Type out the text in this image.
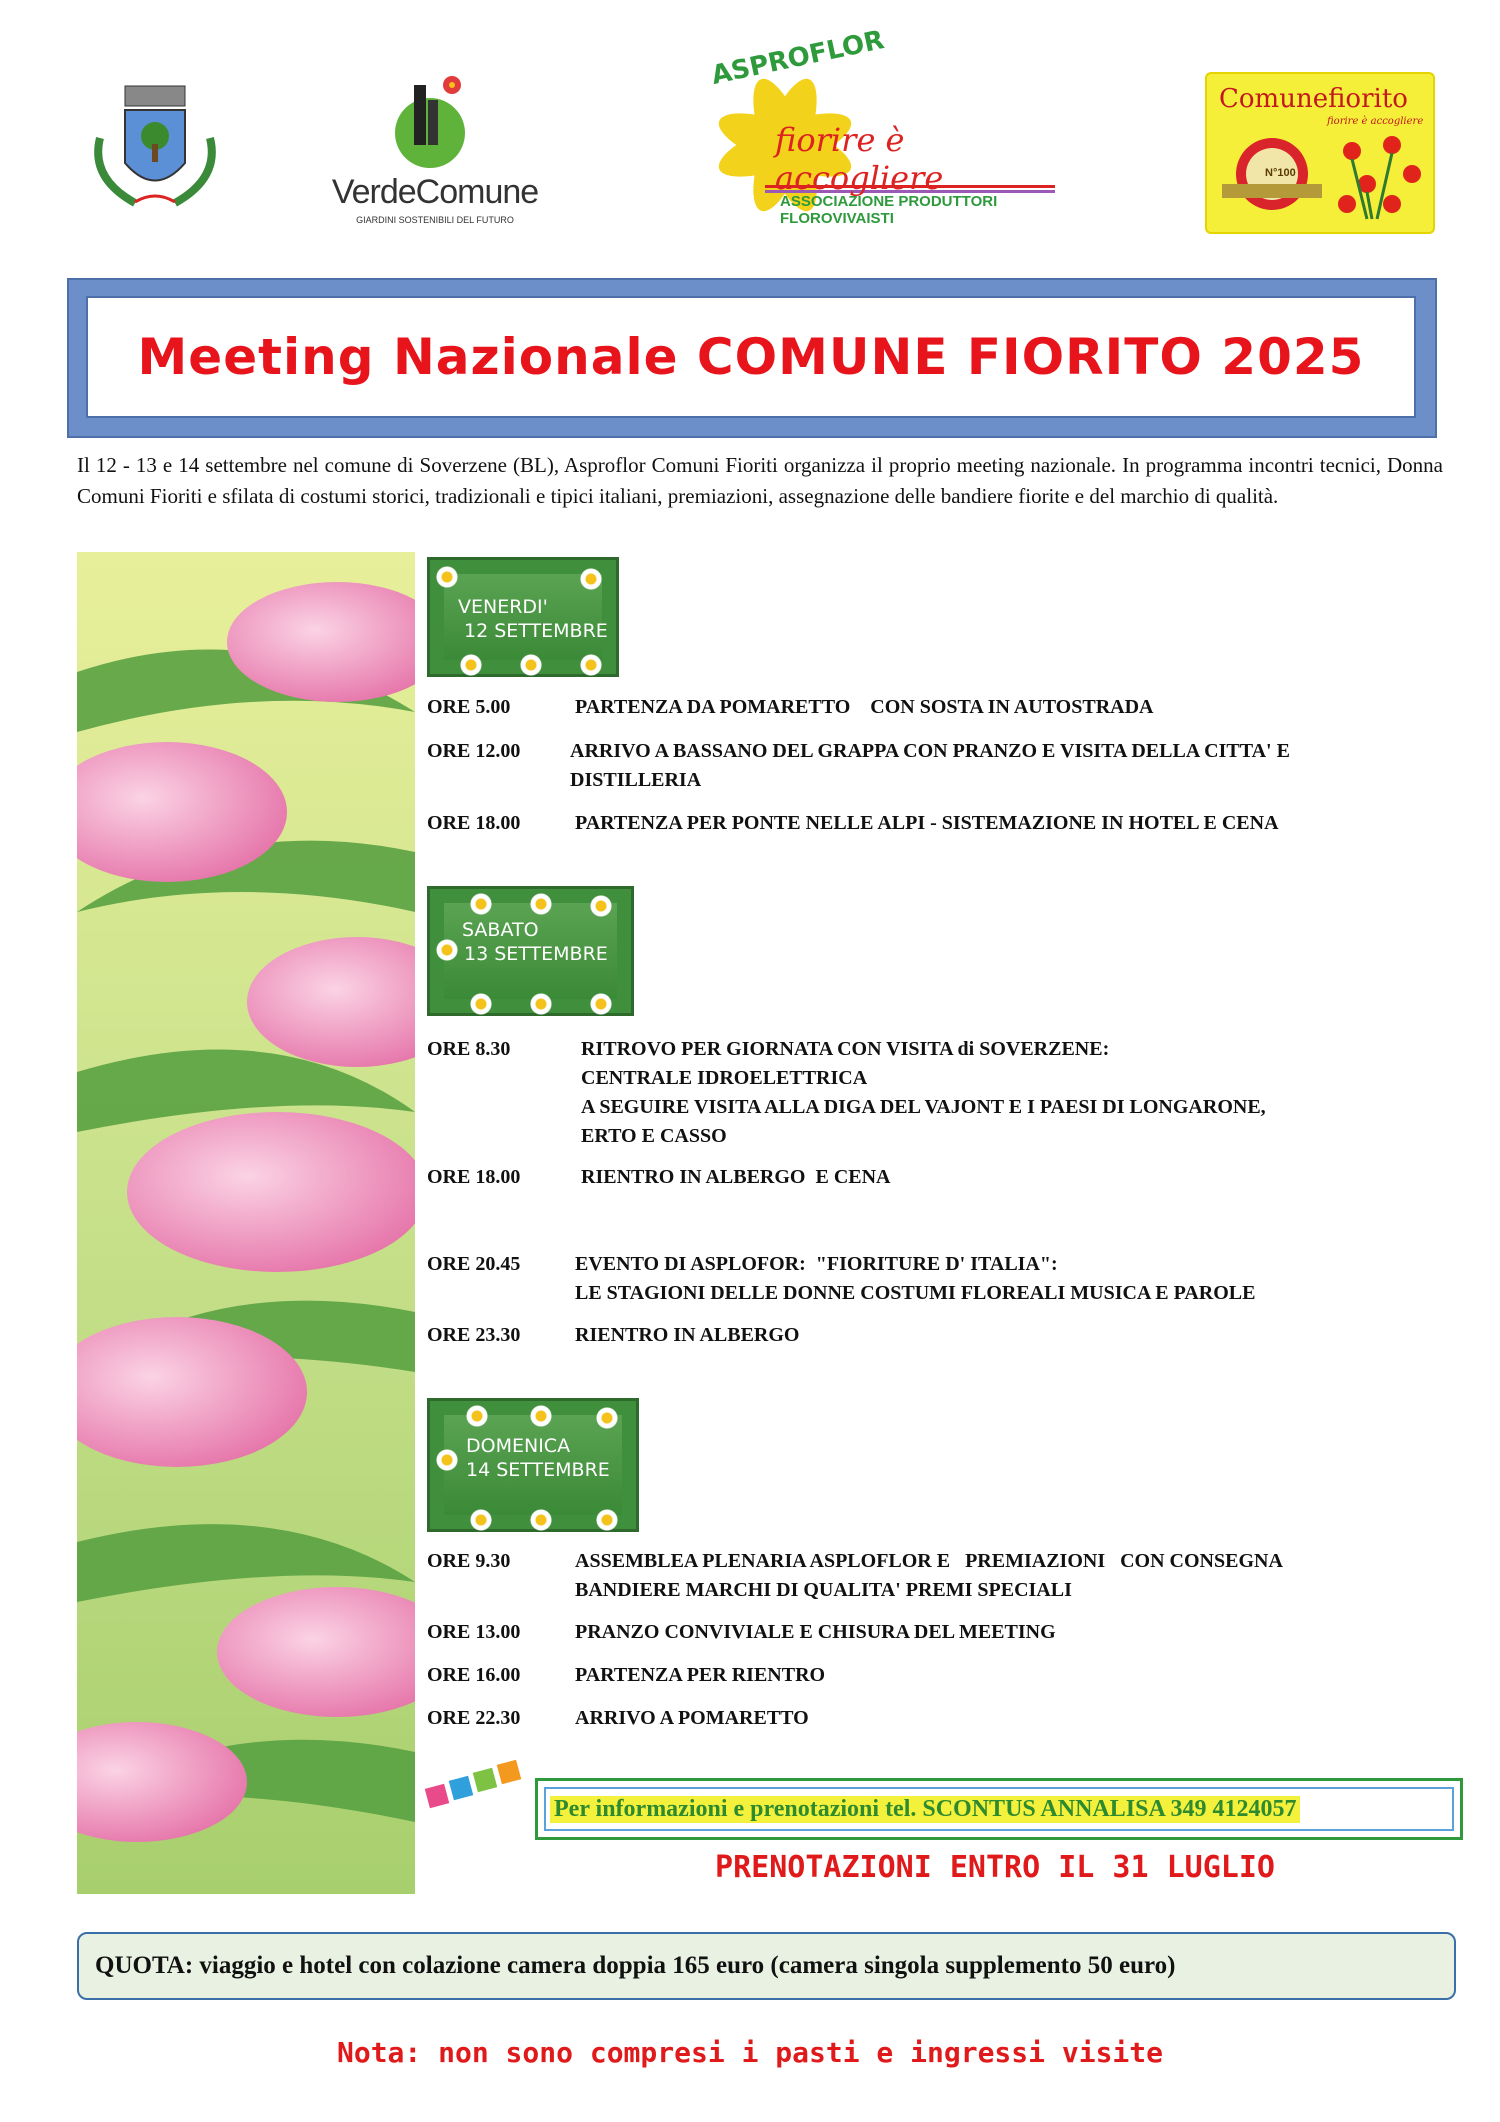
VerdeComune
GIARDINI SOSTENIBILI DEL FUTURO
ASPROFLOR
fiorire è accogliere
ASSOCIAZIONE PRODUTTORI FLOROVIVAISTI
Comunefiorito
fiorire è accogliere
N°100
Meeting Nazionale COMUNE FIORITO 2025
Il 12 - 13 e 14 settembre nel comune di Soverzene (BL), Asproflor Comuni Fioriti organizza il proprio meeting nazionale. In programma incontri tecnici, Donna Comuni Fioriti e sfilata di costumi storici, tradizionali e tipici italiani, premiazioni, assegnazione delle bandiere fiorite e del marchio di qualità.
VENERDI'
12 SETTEMBRE
ORE 5.00	PARTENZA DA POMARETTO    CON SOSTA IN AUTOSTRADA
ORE 12.00 ARRIVO A BASSANO DEL GRAPPA CON PRANZO E VISITA DELLA CITTA' E
DISTILLERIA
ORE 18.00	PARTENZA PER PONTE NELLE ALPI - SISTEMAZIONE IN HOTEL E CENA
SABATO
13 SETTEMBRE
ORE 8.30	RITROVO PER GIORNATA CON VISITA di SOVERZENE:
CENTRALE IDROELETTRICA
A SEGUIRE VISITA ALLA DIGA DEL VAJONT E I PAESI DI LONGARONE,
ERTO E CASSO
ORE 18.00	RIENTRO IN ALBERGO  E CENA
ORE 20.45	EVENTO DI ASPLOFOR:  "FIORITURE D' ITALIA":
LE STAGIONI DELLE DONNE COSTUMI FLOREALI MUSICA E PAROLE
ORE 23.30	RIENTRO IN ALBERGO
DOMENICA
14 SETTEMBRE
ORE 9.30	ASSEMBLEA PLENARIA ASPLOFLOR E   PREMIAZIONI   CON CONSEGNA
BANDIERE MARCHI DI QUALITA' PREMI SPECIALI
ORE 13.00	PRANZO CONVIVIALE E CHISURA DEL MEETING
ORE 16.00	PARTENZA PER RIENTRO
ORE 22.30	ARRIVO A POMARETTO
Per informazioni e prenotazioni tel. SCONTUS ANNALISA 349 4124057
PRENOTAZIONI ENTRO IL 31 LUGLIO
QUOTA: viaggio e hotel con colazione camera doppia 165 euro (camera singola supplemento 50 euro)
Nota: non sono compresi i pasti e ingressi visite
